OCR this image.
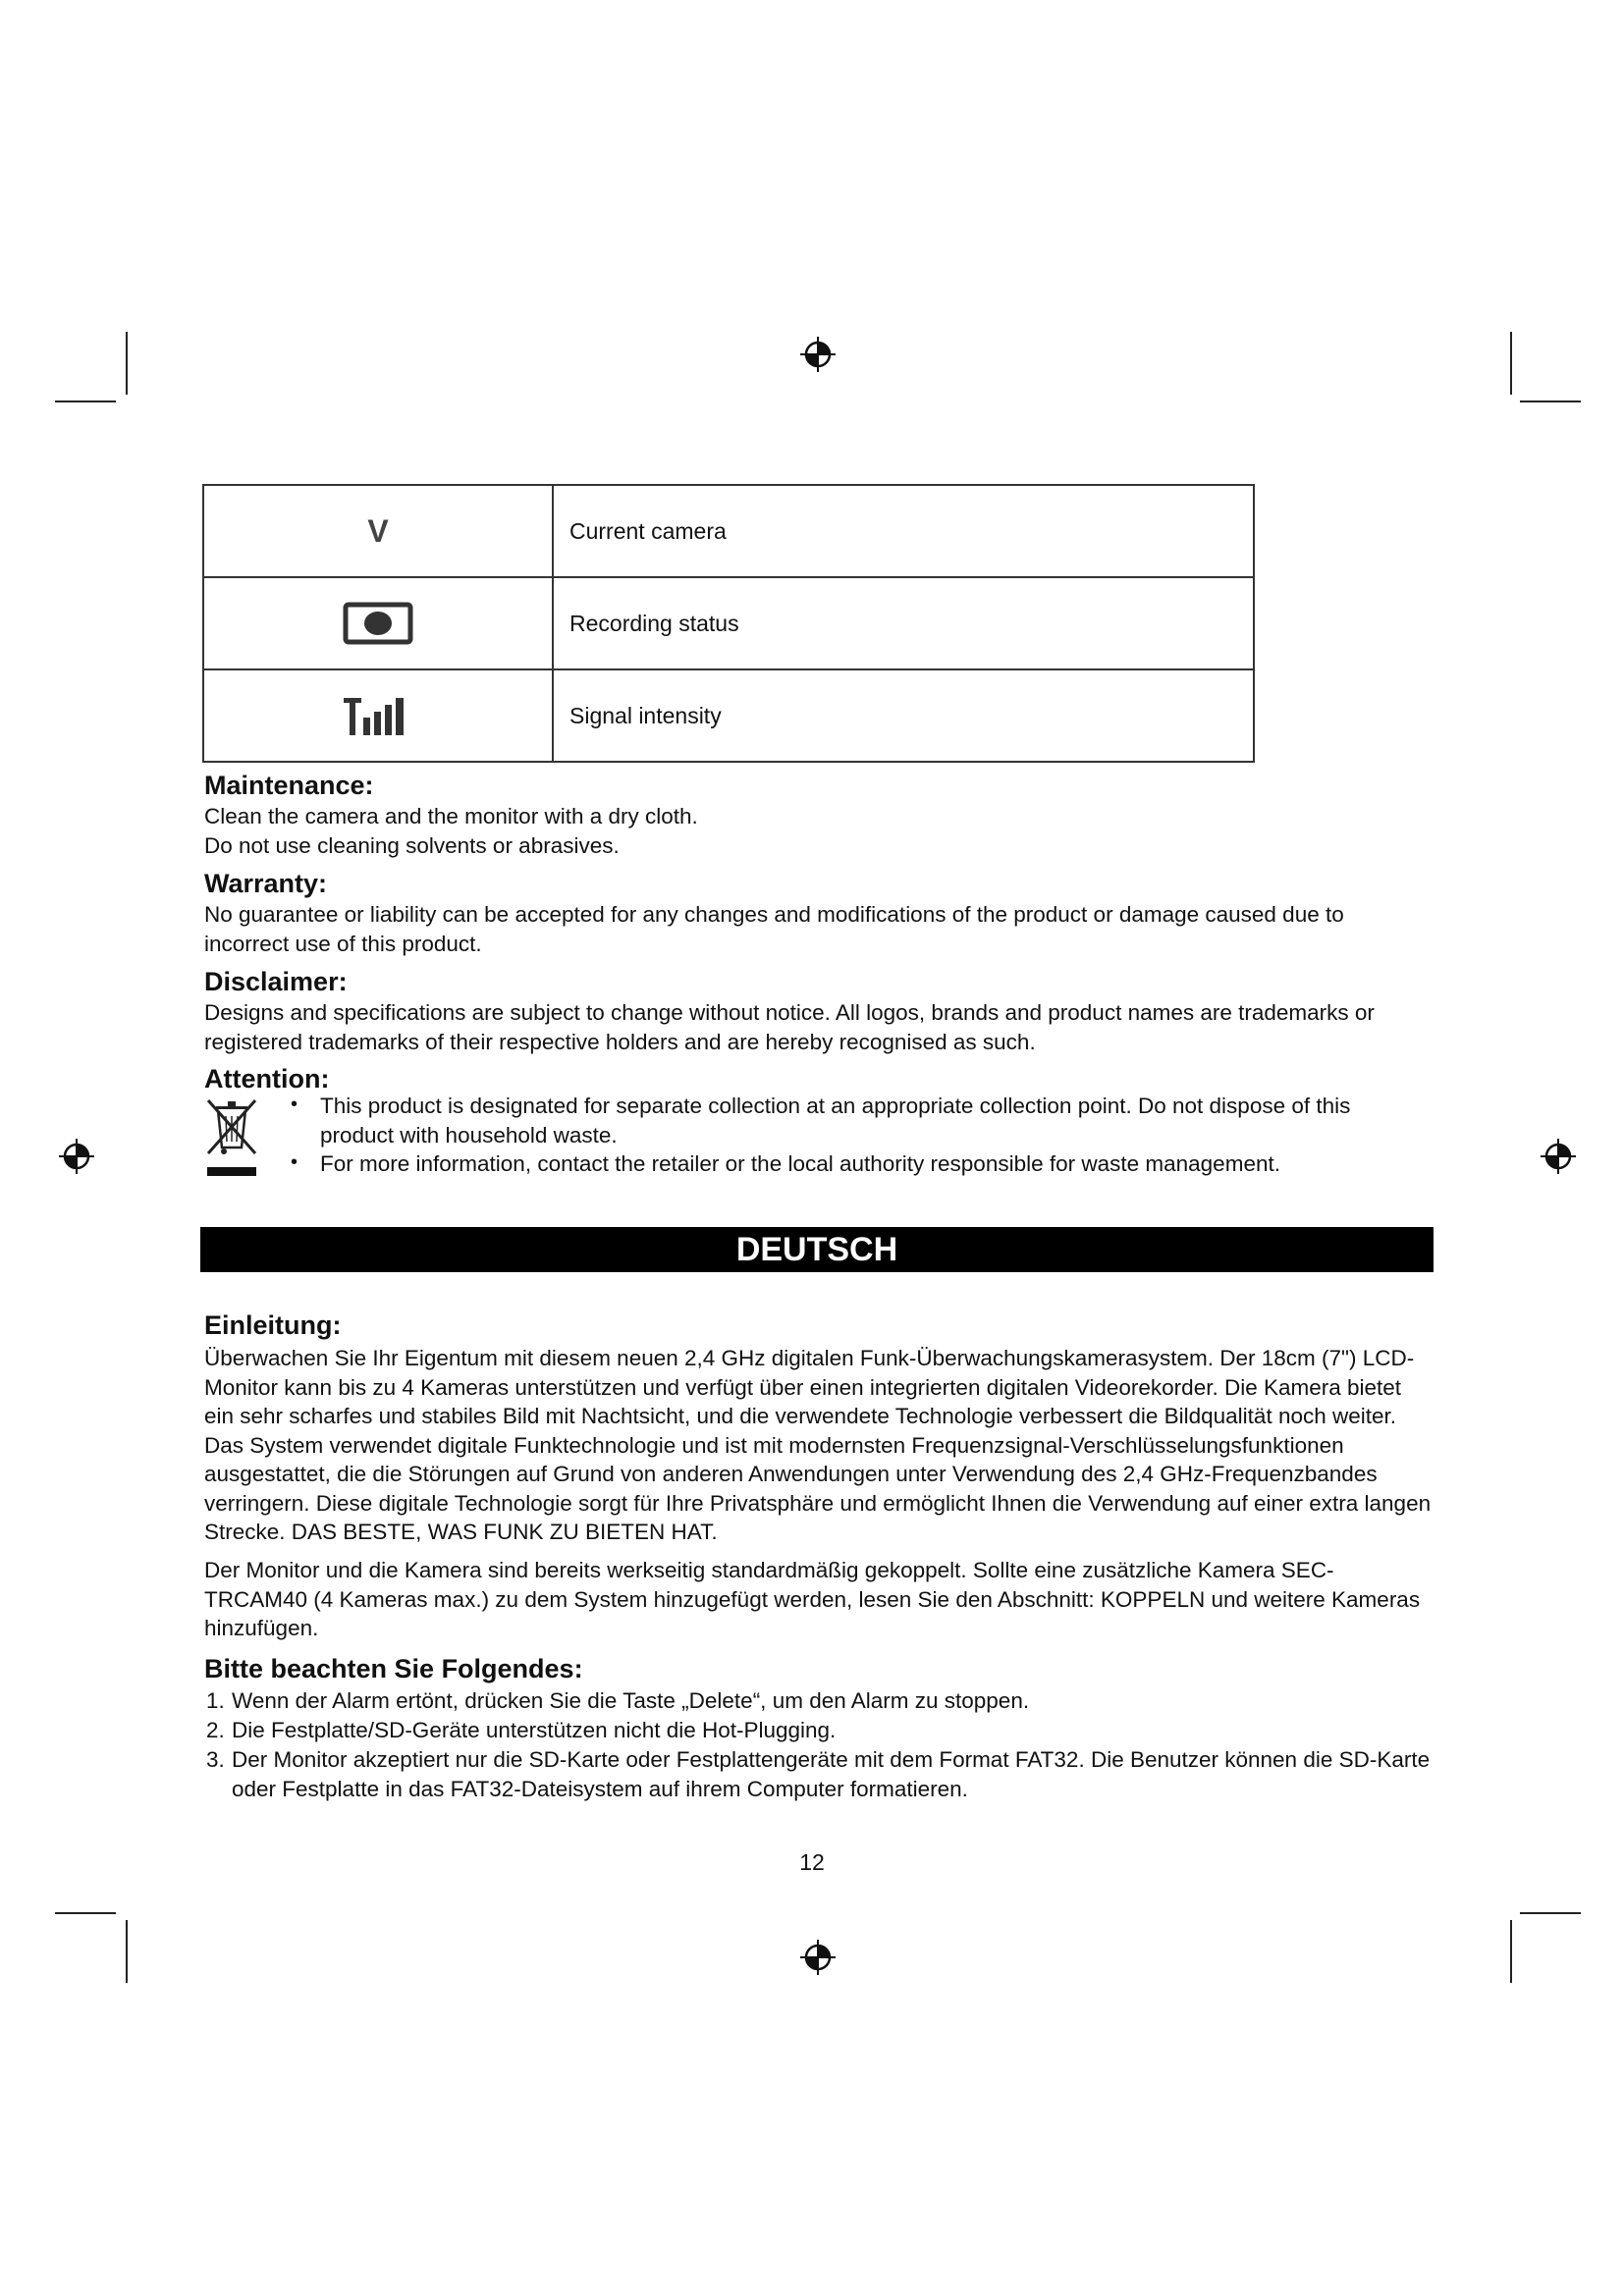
V	Current camera
	Recording status
	Signal intensity
Maintenance:
Clean the camera and the monitor with a dry cloth.
Do not use cleaning solvents or abrasives.
Warranty:
No guarantee or liability can be accepted for any changes and modifications of the product or damage caused due to incorrect use of this product.
Disclaimer:
Designs and specifications are subject to change without notice. All logos, brands and product names are trademarks or registered trademarks of their respective holders and are hereby recognised as such.
Attention:
• This product is designated for separate collection at an appropriate collection point. Do not dispose of this product with household waste.
• For more information, contact the retailer or the local authority responsible for waste management.
DEUTSCH
Einleitung:
Überwachen Sie Ihr Eigentum mit diesem neuen 2,4 GHz digitalen Funk-Überwachungskamerasystem. Der 18cm (7") LCD-Monitor kann bis zu 4 Kameras unterstützen und verfügt über einen integrierten digitalen Videorekorder. Die Kamera bietet ein sehr scharfes und stabiles Bild mit Nachtsicht, und die verwendete Technologie verbessert die Bildqualität noch weiter. Das System verwendet digitale Funktechnologie und ist mit modernsten Frequenzsignal-Verschlüsselungsfunktionen ausgestattet, die die Störungen auf Grund von anderen Anwendungen unter Verwendung des 2,4 GHz-Frequenzbandes verringern. Diese digitale Technologie sorgt für Ihre Privatsphäre und ermöglicht Ihnen die Verwendung auf einer extra langen Strecke. DAS BESTE, WAS FUNK ZU BIETEN HAT.
Der Monitor und die Kamera sind bereits werkseitig standardmäßig gekoppelt. Sollte eine zusätzliche Kamera SEC-TRCAM40 (4 Kameras max.) zu dem System hinzugefügt werden, lesen Sie den Abschnitt: KOPPELN und weitere Kameras hinzufügen.
Bitte beachten Sie Folgendes:
1. Wenn der Alarm ertönt, drücken Sie die Taste „Delete“, um den Alarm zu stoppen.
2. Die Festplatte/SD-Geräte unterstützen nicht die Hot-Plugging.
3. Der Monitor akzeptiert nur die SD-Karte oder Festplattengeräte mit dem Format FAT32. Die Benutzer können die SD-Karte oder Festplatte in das FAT32-Dateisystem auf ihrem Computer formatieren.
12
